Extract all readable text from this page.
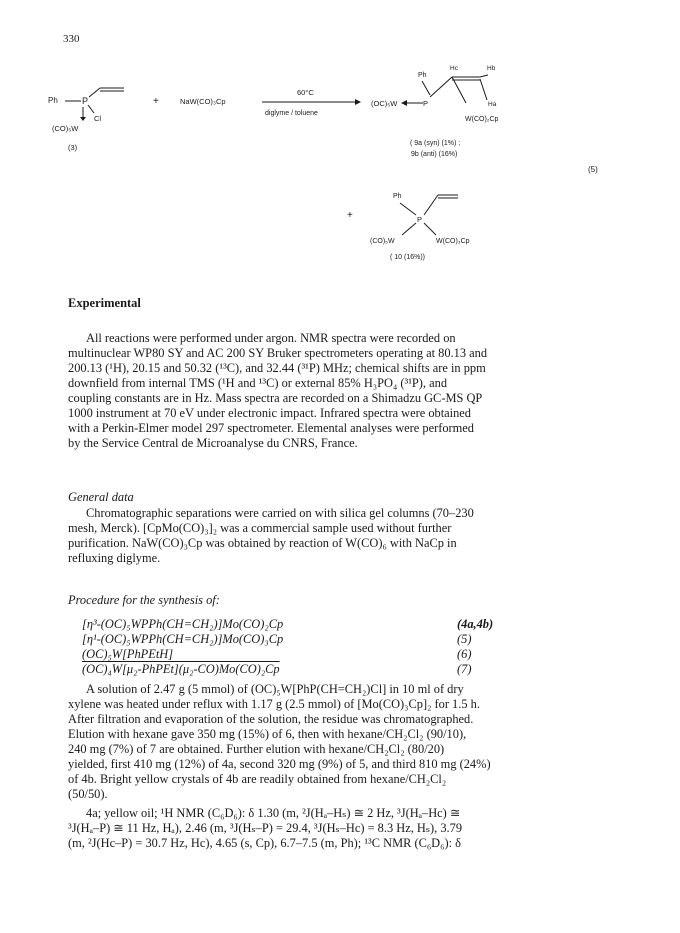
330
Ph	P
Cl
(CO)₅W
(3)
+	NaW(CO)₃Cp
60°C
diglyme / toluene
Ph
Hc	Hb
Ha
(OC)₅W	P
W(CO)₂Cp
( 9a (syn) (1%) ;
9b (anti) (16%)
(5)
+
Ph
P
(CO)₅W	W(CO)₃Cp
( 10 (16%))
Experimental
All reactions were performed under argon. NMR spectra were recorded on
multinuclear WP80 SY and AC 200 SY Bruker spectrometers operating at 80.13 and
200.13 (¹H), 20.15 and 50.32 (¹³C), and 32.44 (³¹P) MHz; chemical shifts are in ppm
downfield from internal TMS (¹H and ¹³C) or external 85% H₃PO₄ (³¹P), and
coupling constants are in Hz. Mass spectra are recorded on a Shimadzu GC-MS QP
1000 instrument at 70 eV under electronic impact. Infrared spectra were obtained
with a Perkin-Elmer model 297 spectrometer. Elemental analyses were performed
by the Service Central de Microanalyse du CNRS, France.
General data
Chromatographic separations were carried on with silica gel columns (70–230
mesh, Merck). [CpMo(CO)₃]₂ was a commercial sample used without further
purification. NaW(CO)₃Cp was obtained by reaction of W(CO)₆ with NaCp in
refluxing diglyme.
Procedure for the synthesis of:
[η³-(OC)₅WPPh(CH=CH₂)]Mo(CO)₂Cp	(4a,4b)
[η¹-(OC)₅WPPh(CH=CH₂)]Mo(CO)₃Cp	(5)
(OC)₅W[PhPEtH]	(6)
(OC)₄W[μ₂-PhPEt](μ₂-CO)Mo(CO)₂Cp	(7)
A solution of 2.47 g (5 mmol) of (OC)₅W[PhP(CH=CH₂)Cl] in 10 ml of dry
xylene was heated under reflux with 1.17 g (2.5 mmol) of [Mo(CO)₃Cp]₂ for 1.5 h.
After filtration and evaporation of the solution, the residue was chromatographed.
Elution with hexane gave 350 mg (15%) of 6, then with hexane/CH₂Cl₂ (90/10),
240 mg (7%) of 7 are obtained. Further elution with hexane/CH₂Cl₂ (80/20)
yielded, first 410 mg (12%) of 4a, second 320 mg (9%) of 5, and third 810 mg (24%)
of 4b. Bright yellow crystals of 4b are readily obtained from hexane/CH₂Cl₂
(50/50).
4a; yellow oil; ¹H NMR (C₆D₆): δ 1.30 (m, ²J(Hₐ–Hₛ) ≅ 2 Hz, ³J(Hₐ–Hc) ≅
³J(Hₐ–P) ≅ 11 Hz, Hₐ), 2.46 (m, ³J(Hₛ–P) = 29.4, ³J(Hₛ–Hc) = 8.3 Hz, Hₛ), 3.79
(m, ²J(Hc–P) = 30.7 Hz, Hc), 4.65 (s, Cp), 6.7–7.5 (m, Ph); ¹³C NMR (C₆D₆): δ
